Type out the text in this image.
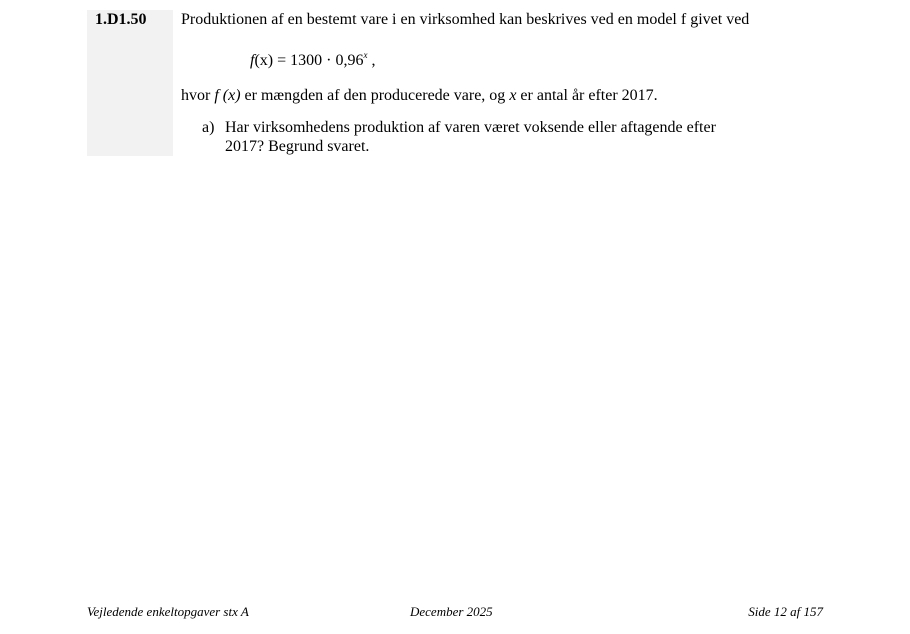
1.D1.50 Produktionen af en bestemt vare i en virksomhed kan beskrives ved en model f givet ved
$f(x) = 1300 \cdot 0,96^x$ ,
hvor f (x) er mængden af den producerede vare, og x er antal år efter 2017.
a) Har virksomhedens produktion af varen været voksende eller aftagende efter 2017? Begrund svaret.
Vejledende enkeltopgaver stx A	December 2025	Side 12 af 157
